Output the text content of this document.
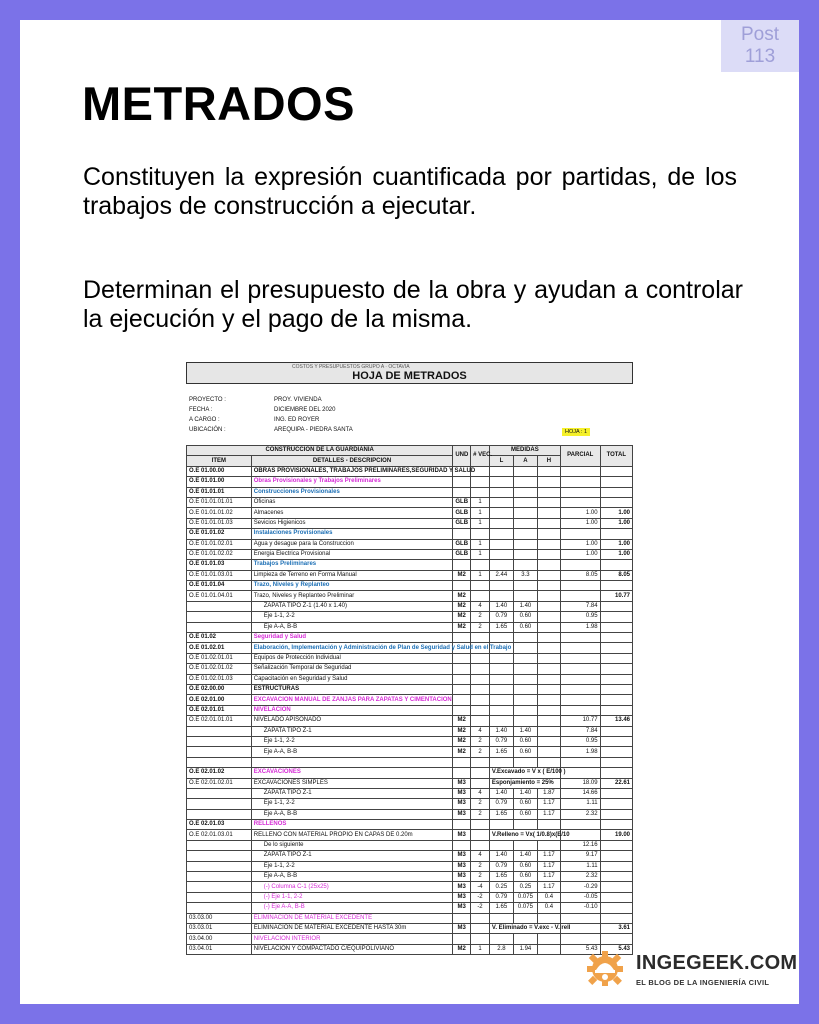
Post
113
METRADOS
Constituyen la expresión cuantificada por partidas, de los trabajos de construcción a ejecutar.
Determinan el presupuesto de la obra y ayudan a controlar la ejecución y el pago de la misma.
COSTOS Y PRESUPUESTOS GRUPO A · OCTAVIA
HOJA DE METRADOS
PROYECTO :	PROY. VIVIENDA
FECHA :	DICIEMBRE DEL 2020
A CARGO :	ING. ED ROYER
UBICACIÓN :	AREQUIPA - PIEDRA SANTA	HOJA : 1
CONSTRUCCION DE LA GUARDIANIA		UND	# VEC.	MEDIDAS			PARCIAL	TOTAL
ITEM	DETALLES - DESCRIPCION			L	A	H		
O.E 01.00.00	OBRAS PROVISIONALES, TRABAJOS PRELIMINARES,SEGURIDAD Y SALUD							
O.E 01.01.00	Obras Provisionales y Trabajos Preliminares							
O.E 01.01.01	Construcciones Provisionales							
O.E 01.01.01.01	Oficinas	GLB	1					
O.E 01.01.01.02	Almacenes	GLB	1				1.00	1.00
O.E 01.01.01.03	Sevicios Higienicos	GLB	1				1.00	1.00
O.E 01.01.02	Instalaciones Provisionales							
O.E 01.01.02.01	Agua y desague para la Construccion	GLB	1				1.00	1.00
O.E 01.01.02.02	Energia Electrica Provisional	GLB	1				1.00	1.00
O.E 01.01.03	Trabajos Preliminares							
O.E 01.01.03.01	Limpieza de Terreno en Forma Manual	M2	1	2.44	3.3		8.05	8.05
O.E 01.01.04	Trazo, Niveles y Replanteo							
O.E 01.01.04.01	Trazo, Niveles y Replanteo Preliminar	M2						10.77
	ZAPATA TIPO Z-1 (1.40 x 1.40)	M2	4	1.40	1.40		7.84	
	Eje 1-1, 2-2	M2	2	0.79	0.60		0.95	
	Eje A-A, B-B	M2	2	1.65	0.60		1.98	
O.E 01.02	Seguridad y Salud							
O.E 01.02.01	Elaboración, Implementación y Administración de Plan de Seguridad y Salud en el Trabajo							
O.E 01.02.01.01	Equipos de Protección Individual							
O.E 01.02.01.02	Señalización Temporal de Seguridad							
O.E 01.02.01.03	Capacitación en Seguridad y Salud							
O.E 02.00.00	ESTRUCTURAS							
O.E 02.01.00	EXCAVACION MANUAL DE ZANJAS PARA ZAPATAS Y CIMENTACION							
O.E 02.01.01	NIVELACION							
O.E 02.01.01.01	NIVELADO APISONADO	M2					10.77	13.46
	ZAPATA TIPO Z-1	M2	4	1.40	1.40		7.84	
	Eje 1-1, 2-2	M2	2	0.79	0.60		0.95	
	Eje A-A, B-B	M2	2	1.65	0.60		1.98	

O.E 02.01.02	EXCAVACIONES			V.Excavado = V x ( E/100 )				
O.E 02.01.02.01	EXCAVACIONES SIMPLES	M3		Esponjamiento = 25%			18.09	22.61
	ZAPATA TIPO Z-1	M3	4	1.40	1.40	1.87	14.66	
	Eje 1-1, 2-2	M3	2	0.79	0.60	1.17	1.11	
	Eje A-A, B-B	M3	2	1.65	0.60	1.17	2.32	
O.E 02.01.03	RELLENOS							
O.E 02.01.03.01	RELLENO CON MATERIAL PROPIO EN CAPAS DE 0.20m	M3		V.Relleno = Vx( 1/0.8)x(E/10				19.00
	De lo siguiente						12.16	
	ZAPATA TIPO Z-1	M3	4	1.40	1.40	1.17	9.17	
	Eje 1-1, 2-2	M3	2	0.79	0.60	1.17	1.11	
	Eje A-A, B-B	M3	2	1.65	0.60	1.17	2.32	
	(-) Columna C-1 (25x25)	M3	-4	0.25	0.25	1.17	-0.29	
	(-) Eje 1-1, 2-2	M3	-2	0.79	0.075	0.4	-0.05	
	(-) Eje A-A, B-B	M3	-2	1.65	0.075	0.4	-0.10	
03.03.00	ELIMINACION DE MATERIAL EXCEDENTE							
03.03.01	ELIMINACION DE MATERIAL EXCEDENTE HASTA 30m	M3		V. Eliminado = V.exc - V. rell				3.61
03.04.00	NIVELACION INTERIOR							
03.04.01	NIVELACION Y COMPACTADO C/EQUIPOLIVIANO	M2	1	2.8	1.94		5.43	5.43
INGEGEEK.COM
EL BLOG DE LA INGENIERÍA CIVIL
